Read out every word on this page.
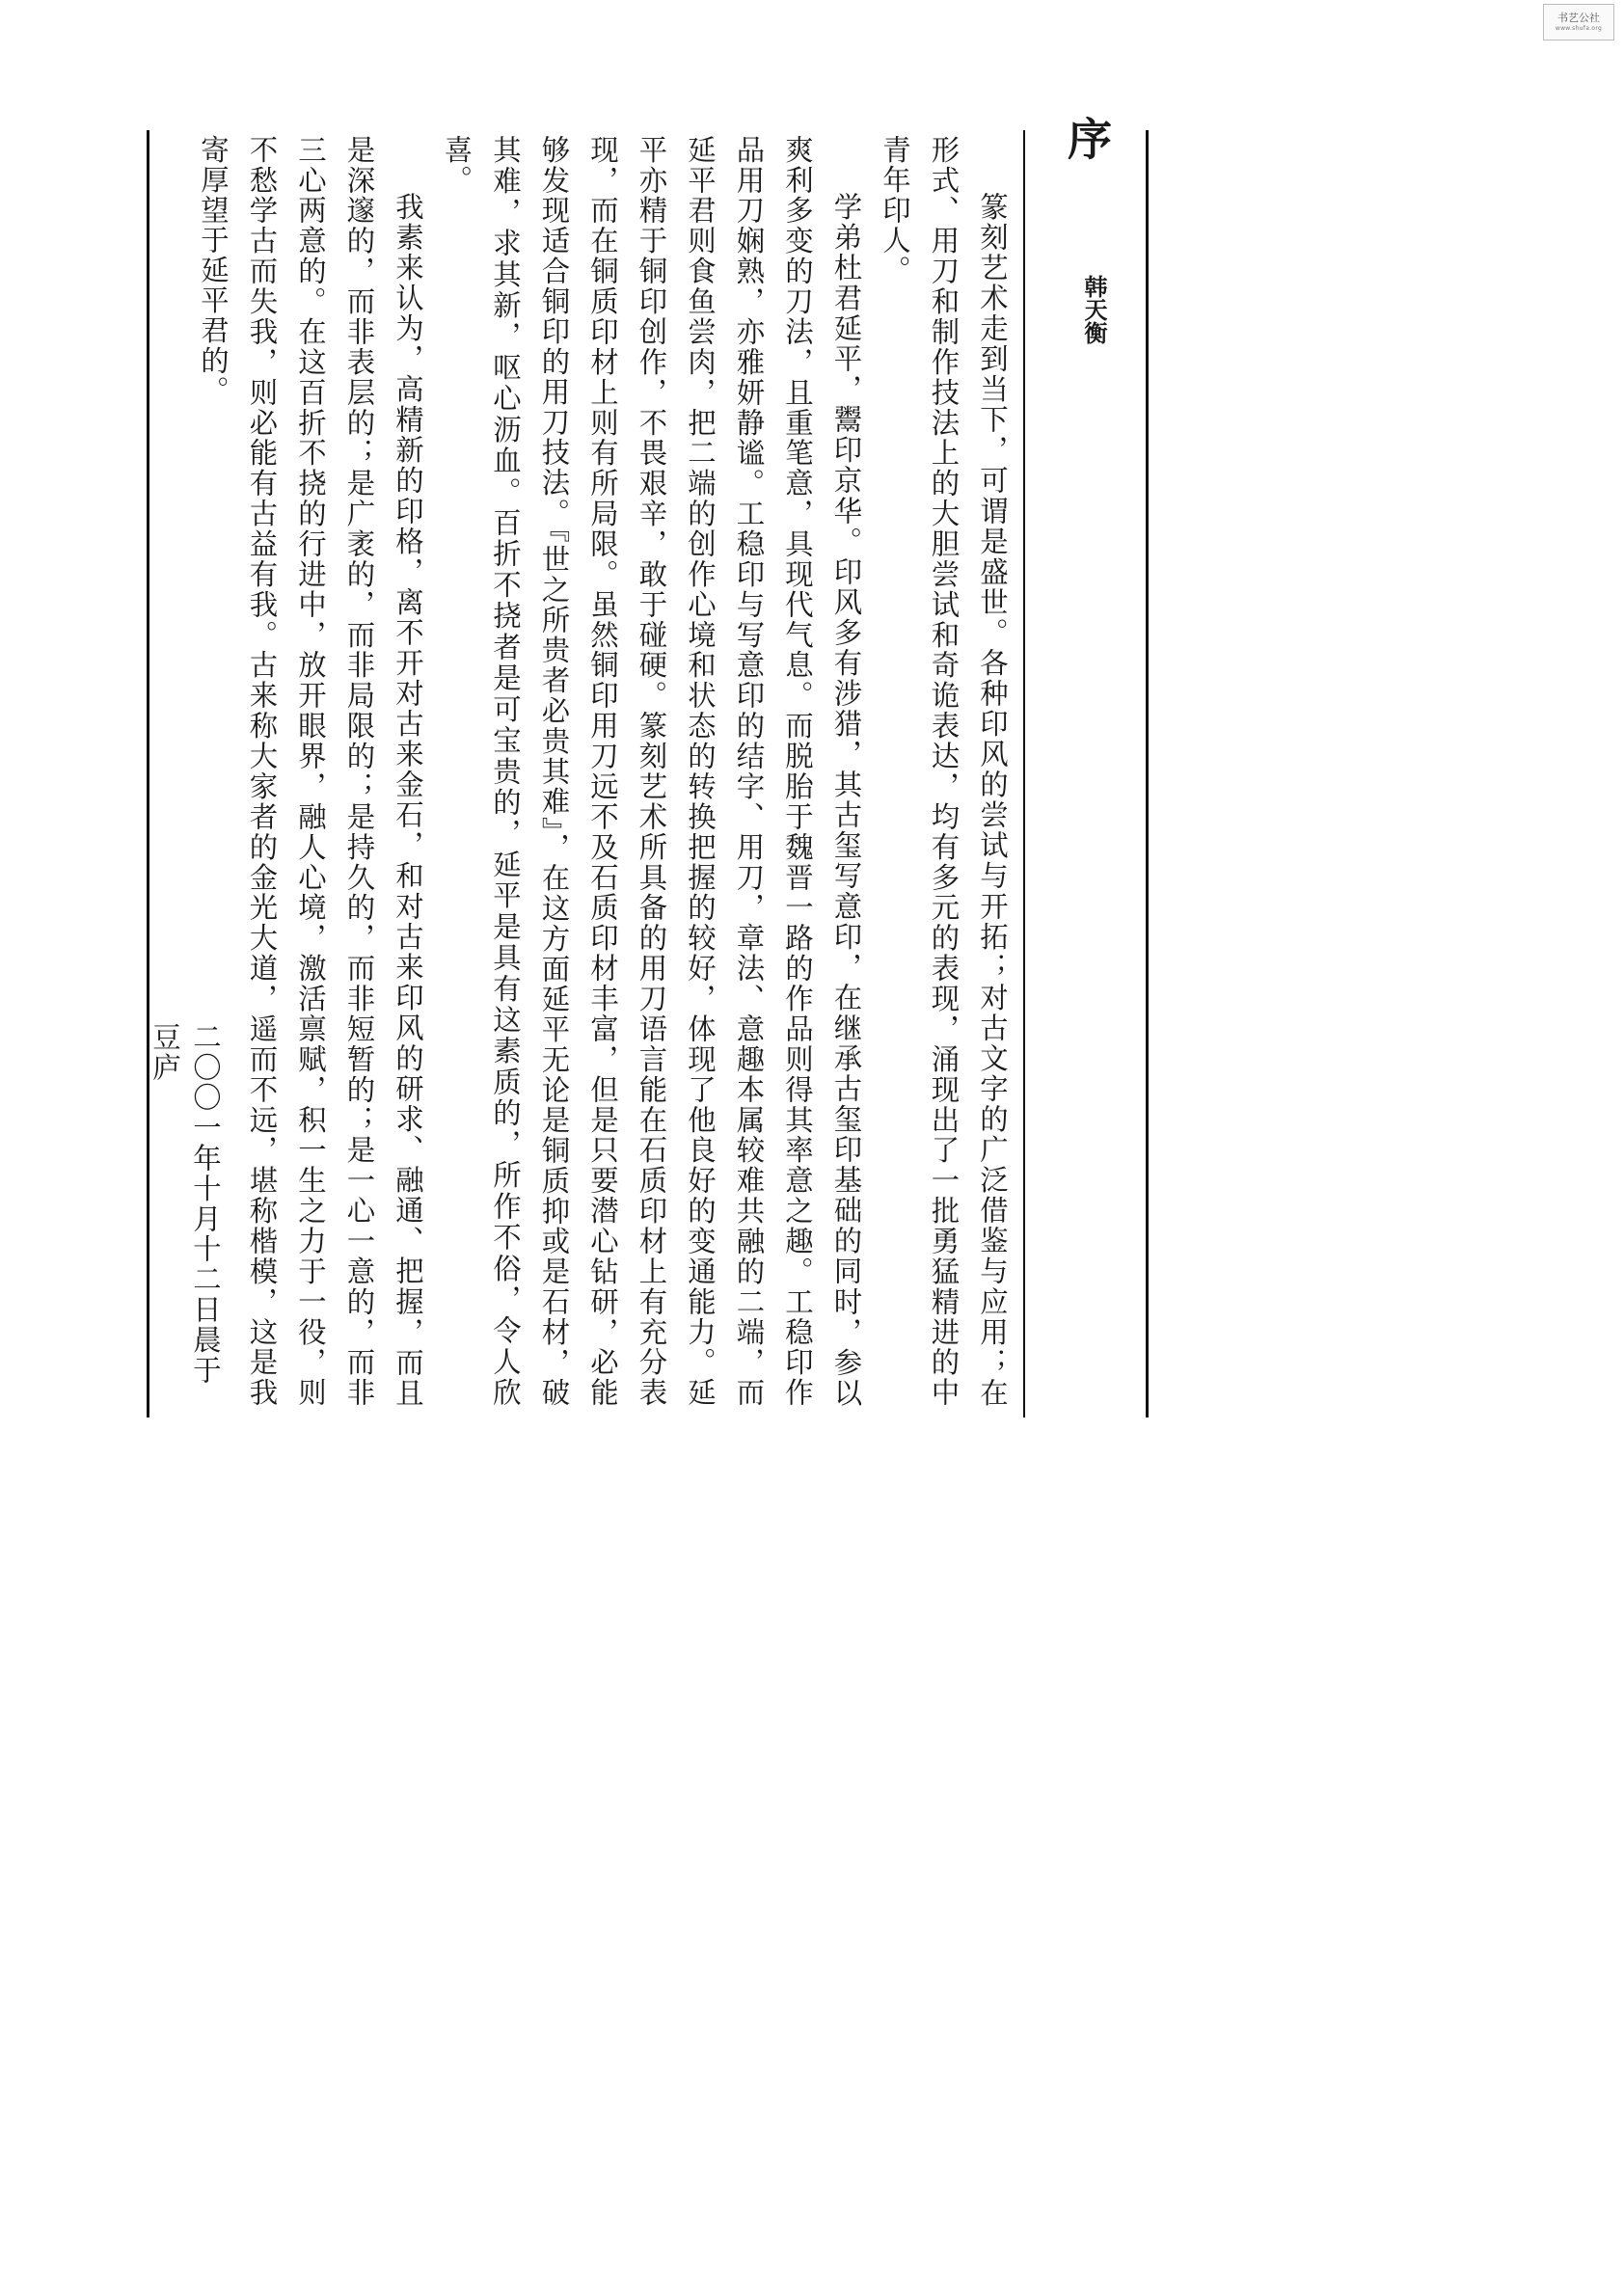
书艺公社
www.shufa.org
序
韩天衡

篆刻艺术走到当下，可谓是盛世。各种印风的尝试与开拓；对古文字的广泛借鉴与应用；在形式、用刀和制作技法上的大胆尝试和奇诡表达，均有多元的表现，涌现出了一批勇猛精进的中青年印人。

学弟杜君延平，鬻印京华。印风多有涉猎，其古玺写意印，在继承古玺印基础的同时，参以爽利多变的刀法，且重笔意，具现代气息。而脱胎于魏晋一路的作品则得其率意之趣。工稳印作品用刀娴熟，亦雅妍静谧。工稳印与写意印的结字、用刀，章法、意趣本属较难共融的二端，而延平君则食鱼尝肉，把二端的创作心境和状态的转换把握的较好，体现了他良好的变通能力。延平亦精于铜印创作，不畏艰辛，敢于碰硬。篆刻艺术所具备的用刀语言能在石质印材上有充分表现，而在铜质印材上则有所局限。虽然铜印用刀远不及石质印材丰富，但是只要潜心钻研，必能够发现适合铜印的用刀技法。『世之所贵者必贵其难』，在这方面延平无论是铜质抑或是石材，破其难，求其新，呕心沥血。百折不挠者是可宝贵的，延平是具有这素质的，所作不俗，令人欣喜。

我素来认为，高精新的印格，离不开对古来金石，和对古来印风的研求、融通、把握，而且是深邃的，而非表层的；是广袤的，而非局限的；是持久的，而非短暂的；是一心一意的，而非三心两意的。在这百折不挠的行进中，放开眼界，融人心境，激活禀赋，积一生之力于一役，则不愁学古而失我，则必能有古益有我。古来称大家者的金光大道，遥而不远，堪称楷模，这是我寄厚望于延平君的。

二〇〇一年十月十二日晨于豆庐
